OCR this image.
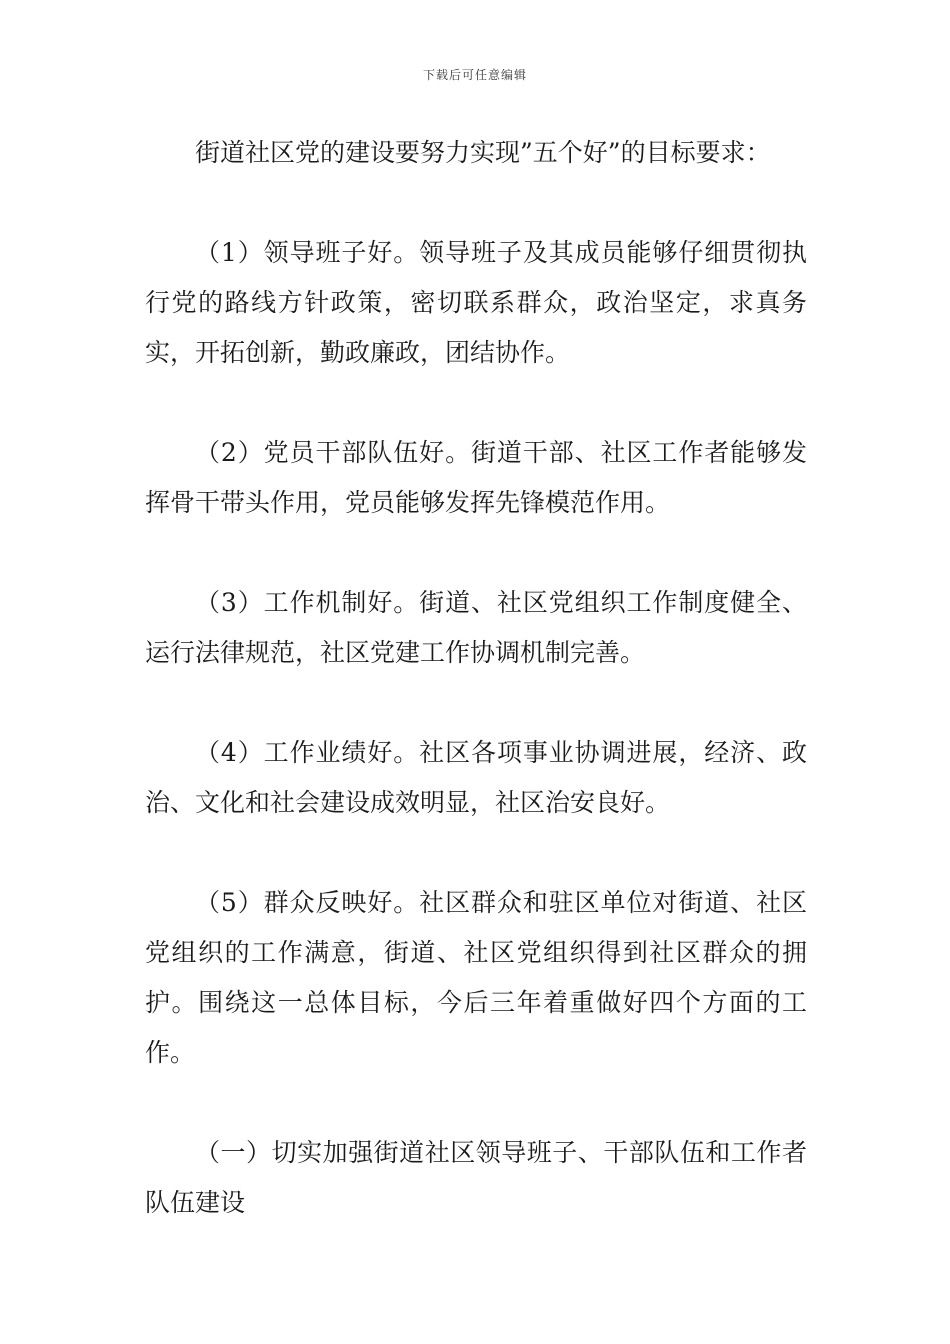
下载后可任意编辑

街道社区党的建设要努力实现”五个好”的目标要求：

（1）领导班子好。领导班子及其成员能够仔细贯彻执行党的路线方针政策，密切联系群众，政治坚定，求真务实，开拓创新，勤政廉政，团结协作。

（2）党员干部队伍好。街道干部、社区工作者能够发挥骨干带头作用，党员能够发挥先锋模范作用。

（3）工作机制好。街道、社区党组织工作制度健全、运行法律规范，社区党建工作协调机制完善。

（4）工作业绩好。社区各项事业协调进展，经济、政治、文化和社会建设成效明显，社区治安良好。

（5）群众反映好。社区群众和驻区单位对街道、社区党组织的工作满意，街道、社区党组织得到社区群众的拥护。围绕这一总体目标，今后三年着重做好四个方面的工作。

（一）切实加强街道社区领导班子、干部队伍和工作者队伍建设
